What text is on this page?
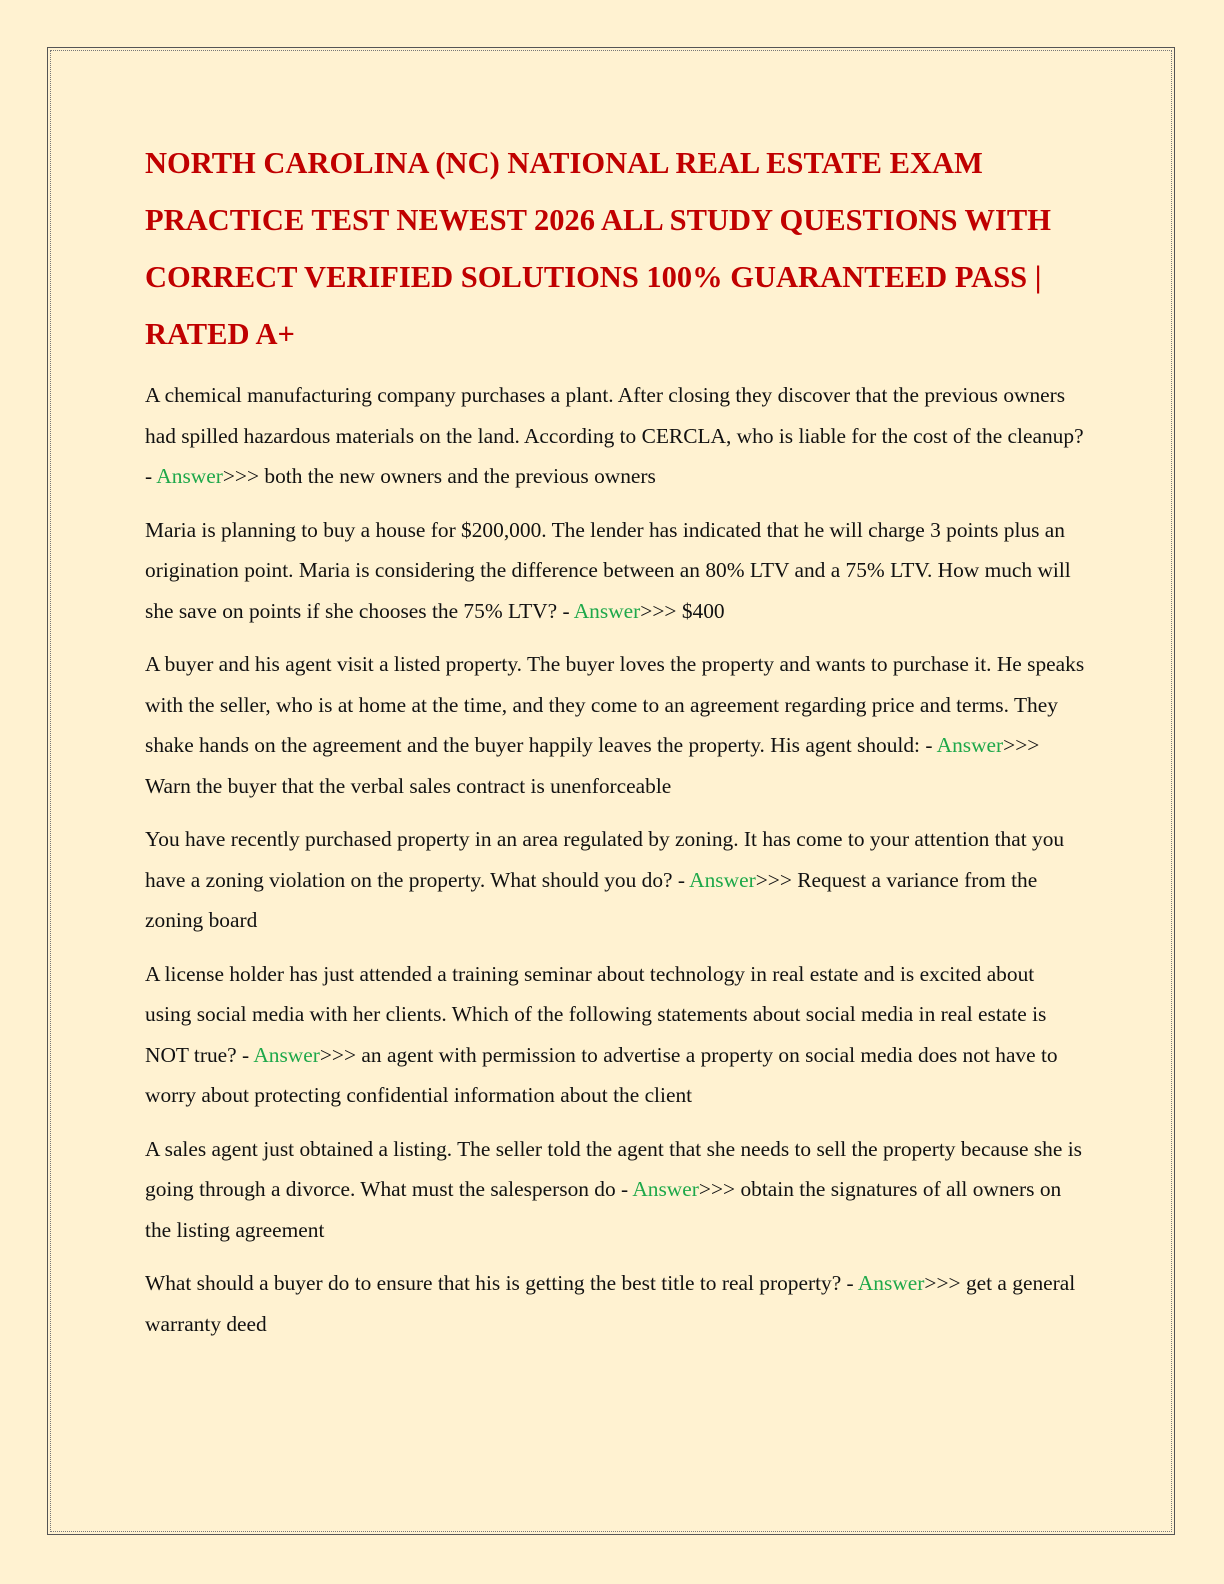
NORTH CAROLINA (NC) NATIONAL REAL ESTATE EXAM PRACTICE TEST NEWEST 2026 ALL STUDY QUESTIONS WITH CORRECT VERIFIED SOLUTIONS 100% GUARANTEED PASS | RATED A+

A chemical manufacturing company purchases a plant. After closing they discover that the previous owners had spilled hazardous materials on the land. According to CERCLA, who is liable for the cost of the cleanup? - Answer>>> both the new owners and the previous owners

Maria is planning to buy a house for $200,000. The lender has indicated that he will charge 3 points plus an origination point. Maria is considering the difference between an 80% LTV and a 75% LTV. How much will she save on points if she chooses the 75% LTV? - Answer>>> $400

A buyer and his agent visit a listed property. The buyer loves the property and wants to purchase it. He speaks with the seller, who is at home at the time, and they come to an agreement regarding price and terms. They shake hands on the agreement and the buyer happily leaves the property. His agent should: - Answer>>> Warn the buyer that the verbal sales contract is unenforceable

You have recently purchased property in an area regulated by zoning. It has come to your attention that you have a zoning violation on the property. What should you do? - Answer>>> Request a variance from the zoning board

A license holder has just attended a training seminar about technology in real estate and is excited about using social media with her clients. Which of the following statements about social media in real estate is NOT true? - Answer>>> an agent with permission to advertise a property on social media does not have to worry about protecting confidential information about the client

A sales agent just obtained a listing. The seller told the agent that she needs to sell the property because she is going through a divorce. What must the salesperson do - Answer>>> obtain the signatures of all owners on the listing agreement

What should a buyer do to ensure that his is getting the best title to real property? - Answer>>> get a general warranty deed
